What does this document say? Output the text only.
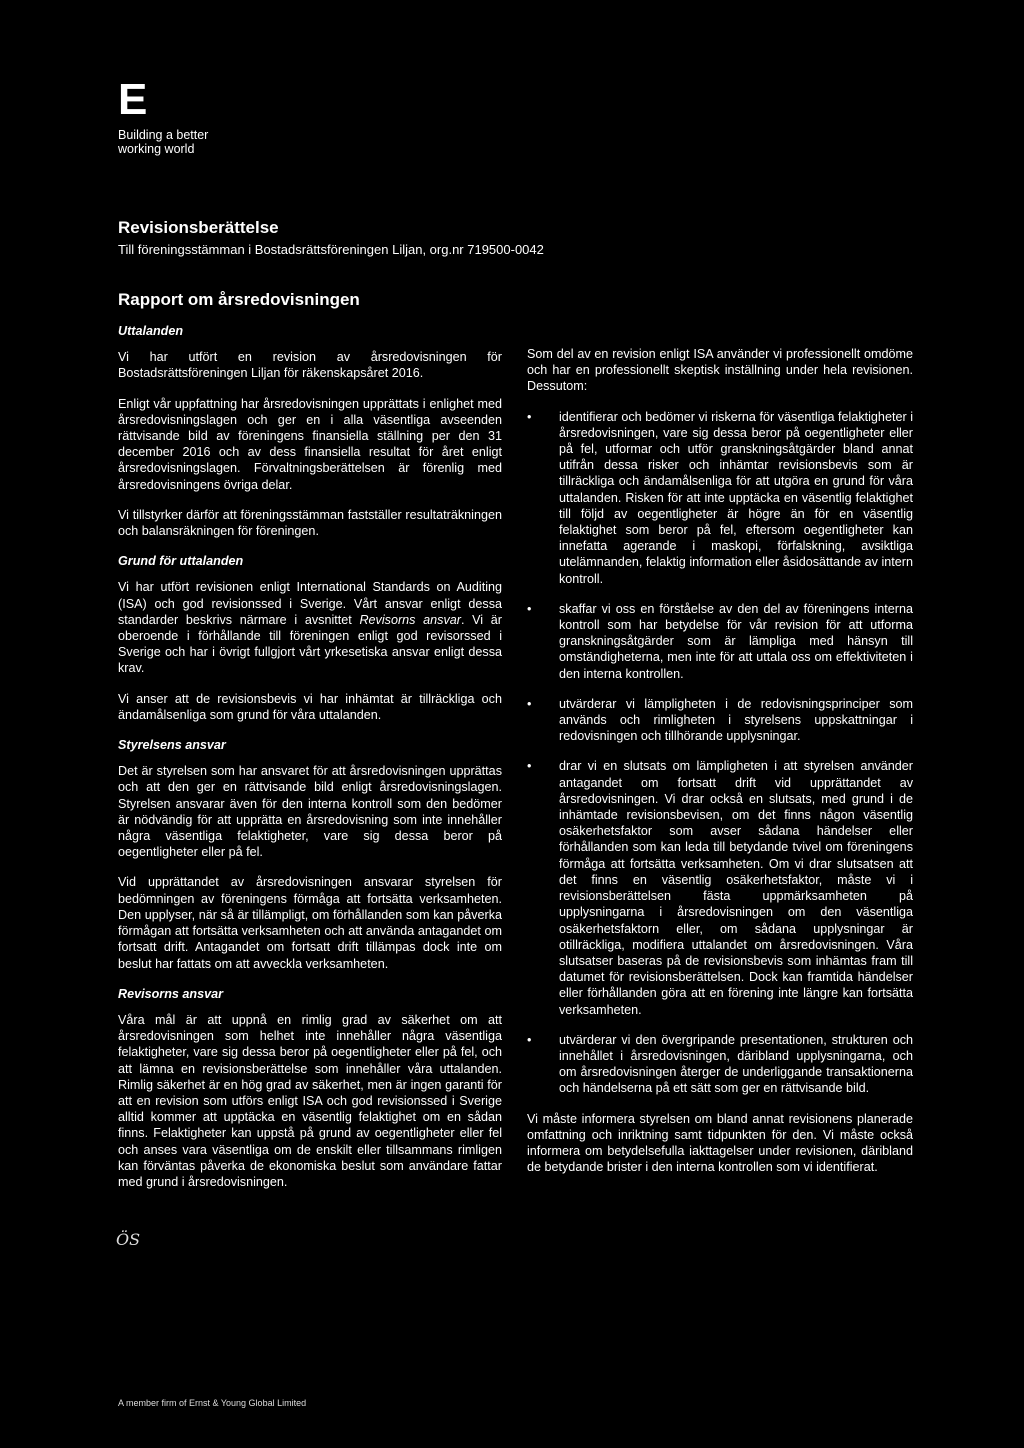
E
Building a better
working world
Revisionsberättelse

Till föreningsstämman i Bostadsrättsföreningen Liljan, org.nr 719500-0042

Rapport om årsredovisningen
Uttalanden

Vi har utfört en revision av årsredovisningen för Bostadsrättsföreningen Liljan för räkenskapsåret 2016.

Enligt vår uppfattning har årsredovisningen upprättats i enlighet med årsredovisningslagen och ger en i alla väsentliga avseenden rättvisande bild av föreningens finansiella ställning per den 31 december 2016 och av dess finansiella resultat för året enligt årsredovisningslagen. Förvaltningsberättelsen är förenlig med årsredovisningens övriga delar.

Vi tillstyrker därför att föreningsstämman fastställer resultaträkningen och balansräkningen för föreningen.

Grund för uttalanden

Vi har utfört revisionen enligt International Standards on Auditing (ISA) och god revisionssed i Sverige. Vårt ansvar enligt dessa standarder beskrivs närmare i avsnittet Revisorns ansvar. Vi är oberoende i förhållande till föreningen enligt god revisorssed i Sverige och har i övrigt fullgjort vårt yrkesetiska ansvar enligt dessa krav.

Vi anser att de revisionsbevis vi har inhämtat är tillräckliga och ändamålsenliga som grund för våra uttalanden.

Styrelsens ansvar

Det är styrelsen som har ansvaret för att årsredovisningen upprättas och att den ger en rättvisande bild enligt årsredovisningslagen. Styrelsen ansvarar även för den interna kontroll som den bedömer är nödvändig för att upprätta en årsredovisning som inte innehåller några väsentliga felaktigheter, vare sig dessa beror på oegentligheter eller på fel.

Vid upprättandet av årsredovisningen ansvarar styrelsen för bedömningen av föreningens förmåga att fortsätta verksamheten. Den upplyser, när så är tillämpligt, om förhållanden som kan påverka förmågan att fortsätta verksamheten och att använda antagandet om fortsatt drift. Antagandet om fortsatt drift tillämpas dock inte om beslut har fattats om att avveckla verksamheten.

Revisorns ansvar

Våra mål är att uppnå en rimlig grad av säkerhet om att årsredovisningen som helhet inte innehåller några väsentliga felaktigheter, vare sig dessa beror på oegentligheter eller på fel, och att lämna en revisionsberättelse som innehåller våra uttalanden. Rimlig säkerhet är en hög grad av säkerhet, men är ingen garanti för att en revision som utförs enligt ISA och god revisionssed i Sverige alltid kommer att upptäcka en väsentlig felaktighet om en sådan finns. Felaktigheter kan uppstå på grund av oegentligheter eller fel och anses vara väsentliga om de enskilt eller tillsammans rimligen kan förväntas påverka de ekonomiska beslut som användare fattar med grund i årsredovisningen.

Som del av en revision enligt ISA använder vi professionellt omdöme och har en professionellt skeptisk inställning under hela revisionen. Dessutom:

• identifierar och bedömer vi riskerna för väsentliga felaktigheter i årsredovisningen, vare sig dessa beror på oegentligheter eller på fel, utformar och utför granskningsåtgärder bland annat utifrån dessa risker och inhämtar revisionsbevis som är tillräckliga och ändamålsenliga för att utgöra en grund för våra uttalanden. Risken för att inte upptäcka en väsentlig felaktighet till följd av oegentligheter är högre än för en väsentlig felaktighet som beror på fel, eftersom oegentligheter kan innefatta agerande i maskopi, förfalskning, avsiktliga utelämnanden, felaktig information eller åsidosättande av intern kontroll.
• skaffar vi oss en förståelse av den del av föreningens interna kontroll som har betydelse för vår revision för att utforma granskningsåtgärder som är lämpliga med hänsyn till omständigheterna, men inte för att uttala oss om effektiviteten i den interna kontrollen.
• utvärderar vi lämpligheten i de redovisningsprinciper som används och rimligheten i styrelsens uppskattningar i redovisningen och tillhörande upplysningar.
• drar vi en slutsats om lämpligheten i att styrelsen använder antagandet om fortsatt drift vid upprättandet av årsredovisningen. Vi drar också en slutsats, med grund i de inhämtade revisionsbevisen, om det finns någon väsentlig osäkerhetsfaktor som avser sådana händelser eller förhållanden som kan leda till betydande tvivel om föreningens förmåga att fortsätta verksamheten. Om vi drar slutsatsen att det finns en väsentlig osäkerhetsfaktor, måste vi i revisionsberättelsen fästa uppmärksamheten på upplysningarna i årsredovisningen om den väsentliga osäkerhetsfaktorn eller, om sådana upplysningar är otillräckliga, modifiera uttalandet om årsredovisningen. Våra slutsatser baseras på de revisionsbevis som inhämtas fram till datumet för revisionsberättelsen. Dock kan framtida händelser eller förhållanden göra att en förening inte längre kan fortsätta verksamheten.
• utvärderar vi den övergripande presentationen, strukturen och innehållet i årsredovisningen, däribland upplysningarna, och om årsredovisningen återger de underliggande transaktionerna och händelserna på ett sätt som ger en rättvisande bild.

Vi måste informera styrelsen om bland annat revisionens planerade omfattning och inriktning samt tidpunkten för den. Vi måste också informera om betydelsefulla iakttagelser under revisionen, däribland de betydande brister i den interna kontrollen som vi identifierat.

ÖS
A member firm of Ernst & Young Global Limited
